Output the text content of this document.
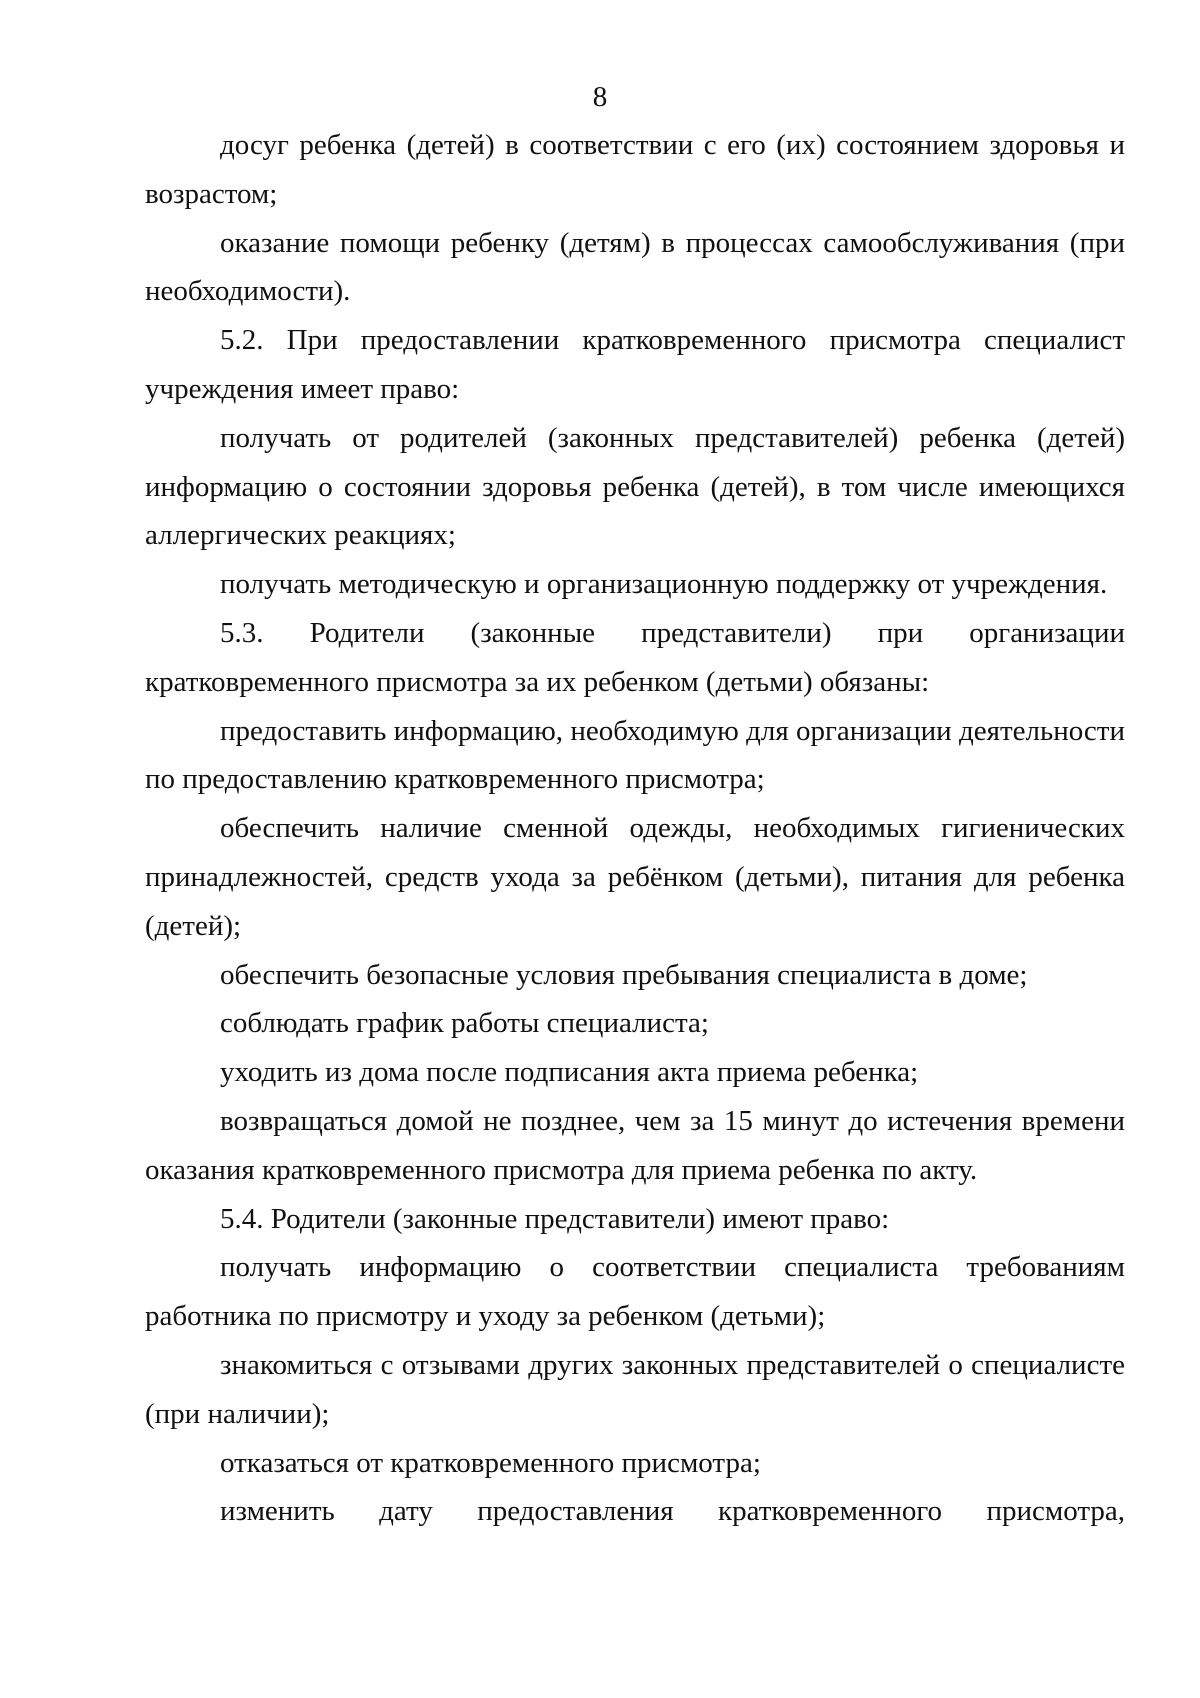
8

досуг ребенка (детей) в соответствии с его (их) состоянием здоровья и возрастом;

оказание помощи ребенку (детям) в процессах самообслуживания (при необходимости).

5.2. При предоставлении кратковременного присмотра специалист учреждения имеет право:

получать от родителей (законных представителей) ребенка (детей) информацию о состоянии здоровья ребенка (детей), в том числе имеющихся аллергических реакциях;

получать методическую и организационную поддержку от учреждения.

5.3. Родители (законные представители) при организации кратковременного присмотра за их ребенком (детьми) обязаны:

предоставить информацию, необходимую для организации деятельности по предоставлению кратковременного присмотра;

обеспечить наличие сменной одежды, необходимых гигиенических принадлежностей, средств ухода за ребёнком (детьми), питания для ребенка (детей);

обеспечить безопасные условия пребывания специалиста в доме;

соблюдать график работы специалиста;

уходить из дома после подписания акта приема ребенка;

возвращаться домой не позднее, чем за 15 минут до истечения времени оказания кратковременного присмотра для приема ребенка по акту.

5.4. Родители (законные представители) имеют право:

получать информацию о соответствии специалиста требованиям работника по присмотру и уходу за ребенком (детьми);

знакомиться с отзывами других законных представителей о специалисте (при наличии);

отказаться от кратковременного присмотра;

изменить дату предоставления кратковременного присмотра,
